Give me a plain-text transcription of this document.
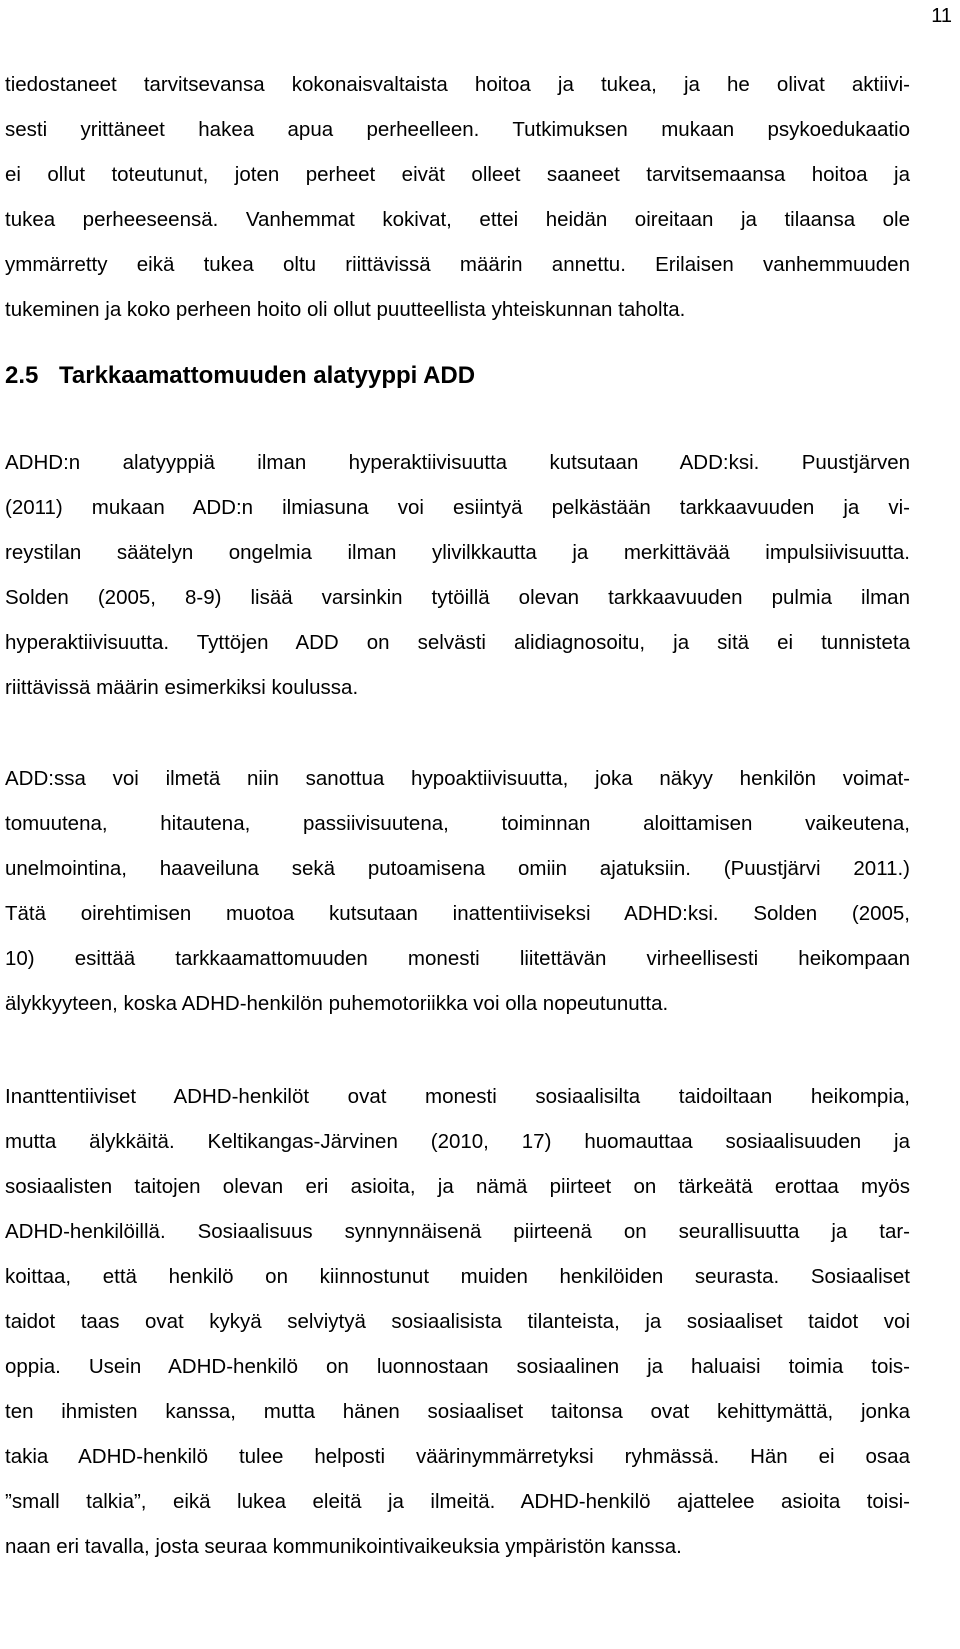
11

tiedostaneet tarvitsevansa kokonaisvaltaista hoitoa ja tukea, ja he olivat aktiivi-
sesti yrittäneet hakea apua perheelleen. Tutkimuksen mukaan psykoedukaatio
ei ollut toteutunut, joten perheet eivät olleet saaneet tarvitsemaansa hoitoa ja
tukea perheeseensä. Vanhemmat kokivat, ettei heidän oireitaan ja tilaansa ole
ymmärretty eikä tukea oltu riittävissä määrin annettu. Erilaisen vanhemmuuden
tukeminen ja koko perheen hoito oli ollut puutteellista yhteiskunnan taholta.

2.5 Tarkkaamattomuuden alatyyppi ADD

ADHD:n alatyyppiä ilman hyperaktiivisuutta kutsutaan ADD:ksi. Puustjärven
(2011) mukaan ADD:n ilmiasuna voi esiintyä pelkästään tarkkaavuuden ja vi-
reystilan säätelyn ongelmia ilman ylivilkkautta ja merkittävää impulsiivisuutta.
Solden (2005, 8-9) lisää varsinkin tytöillä olevan tarkkaavuuden pulmia ilman
hyperaktiivisuutta. Tyttöjen ADD on selvästi alidiagnosoitu, ja sitä ei tunnisteta
riittävissä määrin esimerkiksi koulussa.

ADD:ssa voi ilmetä niin sanottua hypoaktiivisuutta, joka näkyy henkilön voimat-
tomuutena, hitautena, passiivisuutena, toiminnan aloittamisen vaikeutena,
unelmointina, haaveiluna sekä putoamisena omiin ajatuksiin. (Puustjärvi 2011.)
Tätä oirehtimisen muotoa kutsutaan inattentiiviseksi ADHD:ksi. Solden (2005,
10) esittää tarkkaamattomuuden monesti liitettävän virheellisesti heikompaan
älykkyyteen, koska ADHD-henkilön puhemotoriikka voi olla nopeutunutta.

Inanttentiiviset ADHD-henkilöt ovat monesti sosiaalisilta taidoiltaan heikompia,
mutta älykkäitä. Keltikangas-Järvinen (2010, 17) huomauttaa sosiaalisuuden ja
sosiaalisten taitojen olevan eri asioita, ja nämä piirteet on tärkeätä erottaa myös
ADHD-henkilöillä. Sosiaalisuus synnynnäisenä piirteenä on seurallisuutta ja tar-
koittaa, että henkilö on kiinnostunut muiden henkilöiden seurasta. Sosiaaliset
taidot taas ovat kykyä selviytyä sosiaalisista tilanteista, ja sosiaaliset taidot voi
oppia. Usein ADHD-henkilö on luonnostaan sosiaalinen ja haluaisi toimia tois-
ten ihmisten kanssa, mutta hänen sosiaaliset taitonsa ovat kehittymättä, jonka
takia ADHD-henkilö tulee helposti väärinymmärretyksi ryhmässä. Hän ei osaa
”small talkia”, eikä lukea eleitä ja ilmeitä. ADHD-henkilö ajattelee asioita toisi-
naan eri tavalla, josta seuraa kommunikointivaikeuksia ympäristön kanssa.
